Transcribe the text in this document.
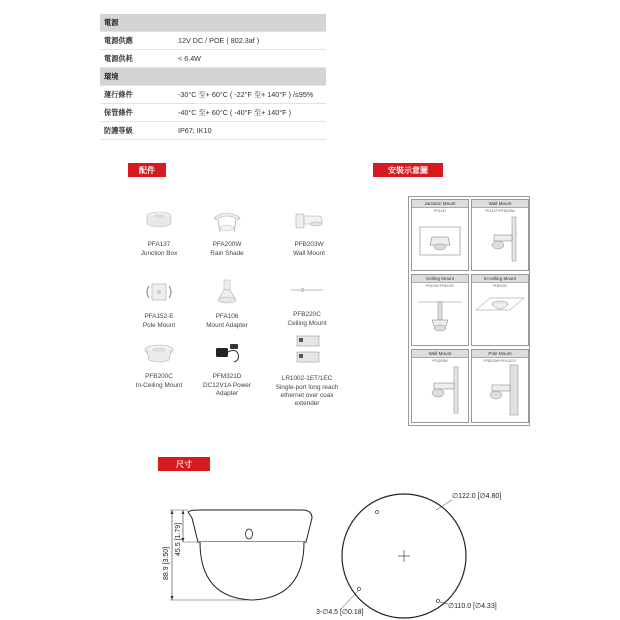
電源	
電源供應	12V DC / POE ( 802.3af )
電源供耗	< 6.4W
環境	
運行條件	-30°C 至+ 60°C ( -22°F 至+ 140°F ) /≤95%
保管條件	-40°C 至+ 60°C ( -40°F 至+ 140°F )
防護等級	IP67; IK10
配件	安裝示意圖
尺寸
PFA137
Junction Box
PFA200W
Rain Shade
PFB203W
Wall Mount
PFA152-E
Pole Mount
PFA106
Mount Adapter
PFB220C
Ceiling Mount
PFB200C
In-Ceiling Mount
PFM321D
DC12V1A Power Adapter
LR1002-1ET/1EC
Single-port long reach ethernet over coax extender
Junction Mount
PFA137
Wall Mount
PFA137+PFB203W
Ceiling Mount
PFA106+PFB220C
In-ceiling Mount
PFB200C
Wall Mount
PFB203W
Pole Mount
PFB203W+PFA152-E
45.5 [1.79]
88.9 [3.50]
∅122.0 [∅4.80]
∅110.0 [∅4.33]
3-∅4.5 [∅0.18]
